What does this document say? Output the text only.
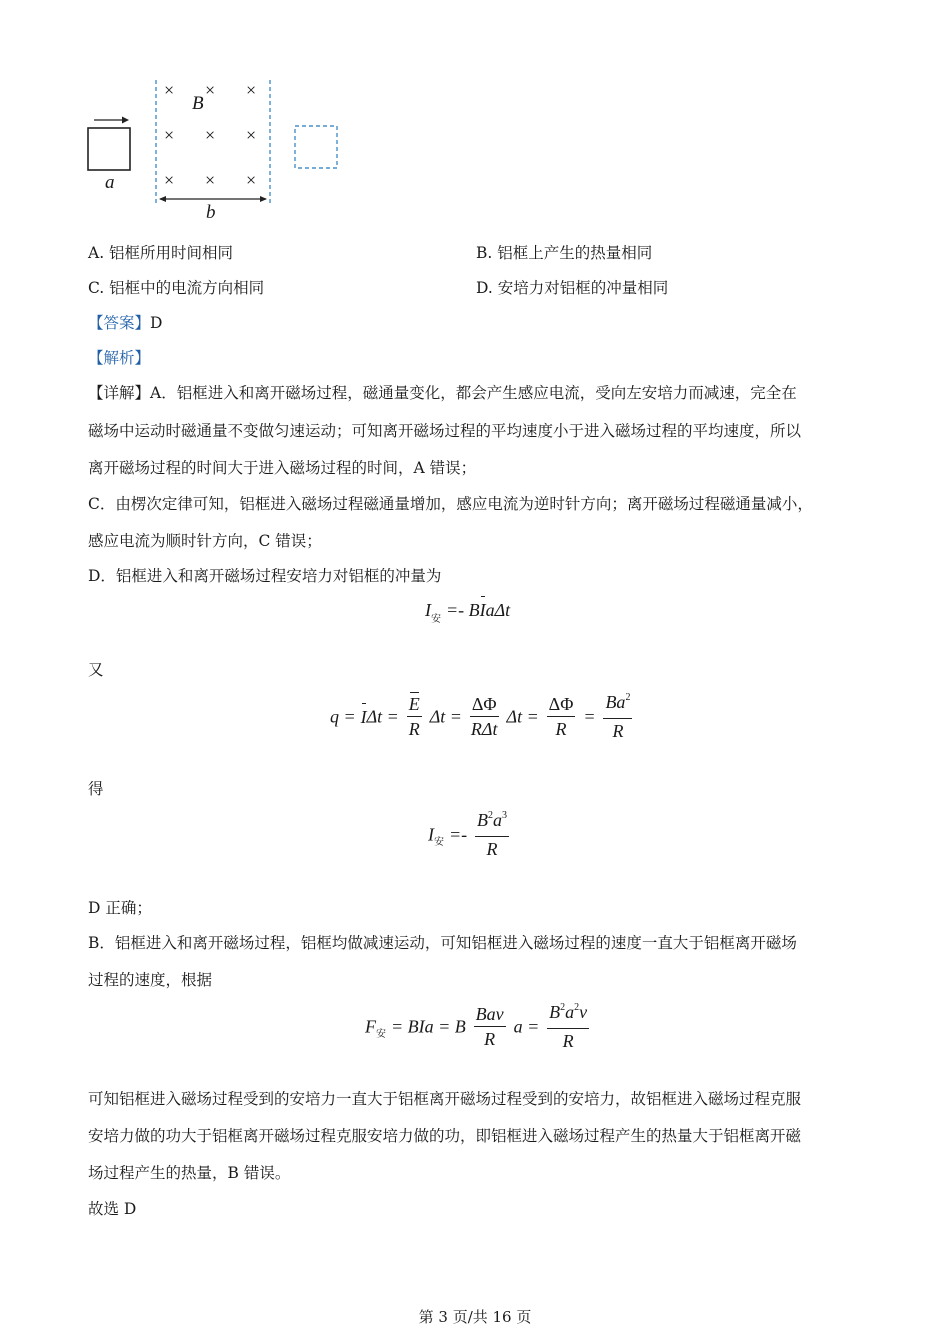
B
a
b
× × ×
× × ×
× × ×
A. 铝框所用时间相同	B. 铝框上产生的热量相同
C. 铝框中的电流方向相同	D. 安培力对铝框的冲量相同
【答案】D
【解析】
【详解】A．铝框进入和离开磁场过程，磁通量变化，都会产生感应电流，受向左安培力而减速，完全在
磁场中运动时磁通量不变做匀速运动；可知离开磁场过程的平均速度小于进入磁场过程的平均速度，所以
离开磁场过程的时间大于进入磁场过程的时间，A 错误；
C．由楞次定律可知，铝框进入磁场过程磁通量增加，感应电流为逆时针方向；离开磁场过程磁通量减小，
感应电流为顺时针方向，C 错误；
D．铝框进入和离开磁场过程安培力对铝框的冲量为
$I_安 =- BIa\Delta t$
又
$q = I\Delta t = \frac{E}{R}$ $\Delta t = \frac{\Delta\Phi}{\text{RΔt}}$ $\Delta t = \frac{\Delta\Phi}{R} = \frac{Ba^2}{R}$
得
$I_安 =- \frac{B^2a^3}{R}$
D 正确；
B．铝框进入和离开磁场过程，铝框均做减速运动，可知铝框进入磁场过程的速度一直大于铝框离开磁场
过程的速度，根据
$F_安$ = BIa = B $\frac{\text{Bav}}{R}$ $a = \frac{B^2a^2v}{R}$
可知铝框进入磁场过程受到的安培力一直大于铝框离开磁场过程受到的安培力，故铝框进入磁场过程克服
安培力做的功大于铝框离开磁场过程克服安培力做的功，即铝框进入磁场过程产生的热量大于铝框离开磁
场过程产生的热量，B 错误。
故选 D
第 3 页/共 16 页
